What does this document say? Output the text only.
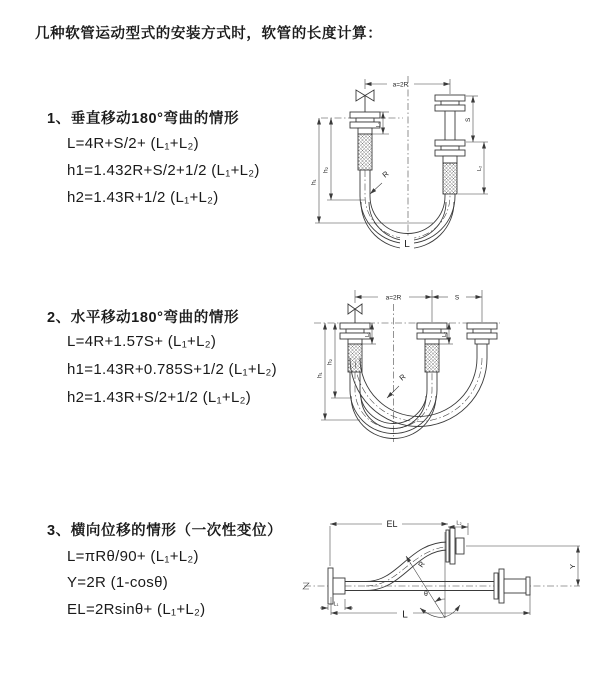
几种软管运动型式的安装方式时，软管的长度计算：
1、垂直移动180°弯曲的情形
L=4R+S/2+ (L₁+L₂)
h1=1.432R+S/2+1/2 (L₁+L₂)
h2=1.43R+1/2 (L₁+L₂)
2、水平移动180°弯曲的情形
L=4R+1.57S+ (L₁+L₂)
h1=1.43R+0.785S+1/2 (L₁+L₂)
h2=1.43R+S/2+1/2 (L₁+L₂)
3、横向位移的情形（一次性变位）
L=πRθ/90+ (L₁+L₂)
Y=2R (1-cosθ)
EL=2Rsinθ+ (L₁+L₂)
a=2R
h₁
h₂
L₁
S
L₂
R
L
a=2R	S
h₁
h₂
L₁	L₂
R
θ
R
EL	L₂
Y
L
L₁
